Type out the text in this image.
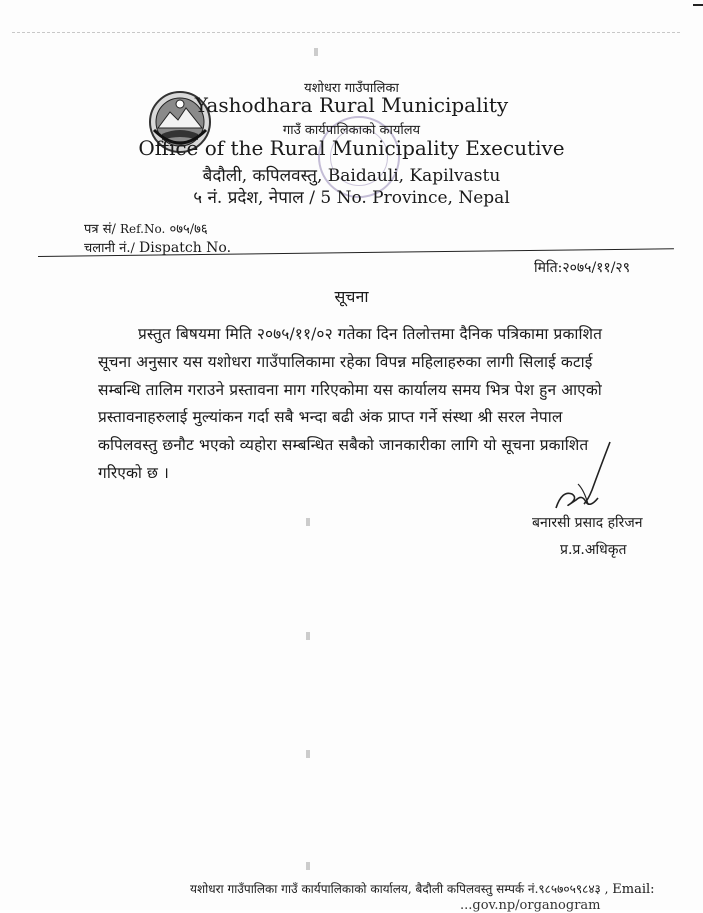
यशोधरा गाउँपालिका
Yashodhara Rural Municipality
गाउँ कार्यपालिकाको कार्यालय
Office of the Rural Municipality Executive
बैदौली, कपिलवस्तु, Baidauli, Kapilvastu
५ नं. प्रदेश, नेपाल / 5 No. Province, Nepal
पत्र सं/ Ref.No. ०७५/७६
चलानी नं./ Dispatch No.
मिति:२०७५/११/२९
सूचना
प्रस्तुत बिषयमा मिति २०७५/११/०२ गतेका दिन तिलोत्तमा दैनिक पत्रिकामा प्रकाशित
सूचना अनुसार यस यशोधरा गाउँपालिकामा रहेका विपन्न महिलाहरुका लागी सिलाई कटाई
सम्बन्धि तालिम गराउने प्रस्तावना माग गरिएकोमा यस कार्यालय समय भित्र पेश हुन आएको
प्रस्तावनाहरुलाई मुल्यांकन गर्दा सबै भन्दा बढी अंक प्राप्त गर्ने संस्था श्री सरल नेपाल
कपिलवस्तु छनौट भएको व्यहोरा सम्बन्धित सबैको जानकारीका लागि यो सूचना प्रकाशित
गरिएको छ ।
बनारसी प्रसाद हरिजन
प्र.प्र.अधिकृत
यशोधरा गाउँपालिका गाउँ कार्यपालिकाको कार्यालय, बैदौली कपिलवस्तु सम्पर्क नं.९८५७०५९८४३ , Email:
...gov.np/organogram
